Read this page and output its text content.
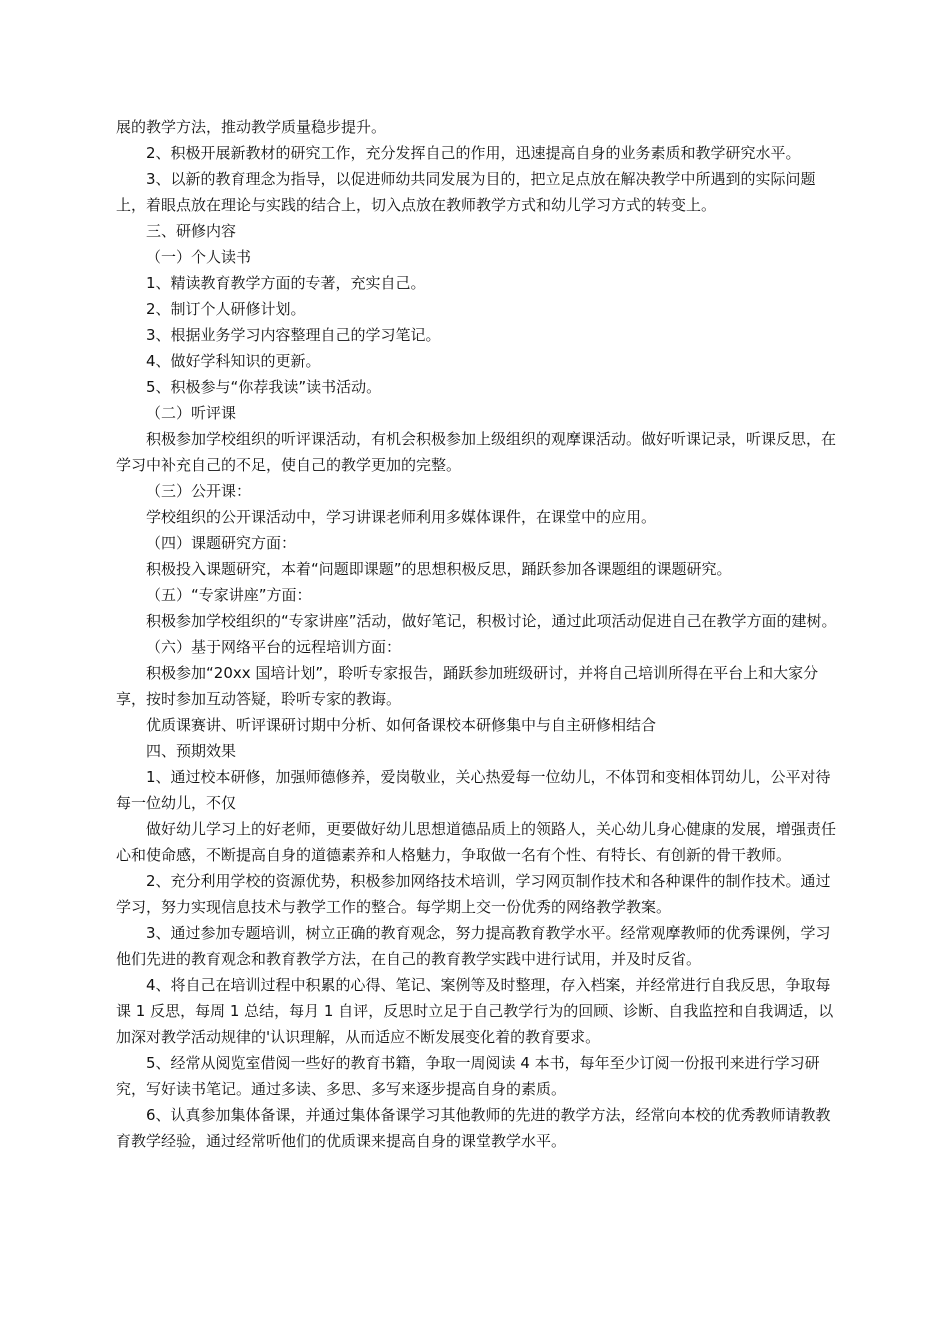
展的教学方法，推动教学质量稳步提升。

2、积极开展新教材的研究工作，充分发挥自己的作用，迅速提高自身的业务素质和教学研究水平。

3、以新的教育理念为指导，以促进师幼共同发展为目的，把立足点放在解决教学中所遇到的实际问题上，着眼点放在理论与实践的结合上，切入点放在教师教学方式和幼儿学习方式的转变上。

三、研修内容

（一）个人读书

1、精读教育教学方面的专著，充实自己。

2、制订个人研修计划。

3、根据业务学习内容整理自己的学习笔记。

4、做好学科知识的更新。

5、积极参与“你荐我读”读书活动。

（二）听评课

积极参加学校组织的听评课活动，有机会积极参加上级组织的观摩课活动。做好听课记录，听课反思，在学习中补充自己的不足，使自己的教学更加的完整。

（三）公开课：

学校组织的公开课活动中，学习讲课老师利用多媒体课件，在课堂中的应用。

（四）课题研究方面：

积极投入课题研究，本着“问题即课题”的思想积极反思，踊跃参加各课题组的课题研究。

（五）“专家讲座”方面：

积极参加学校组织的“专家讲座”活动，做好笔记，积极讨论，通过此项活动促进自己在教学方面的建树。

（六）基于网络平台的远程培训方面：

积极参加“20xx 国培计划”，聆听专家报告，踊跃参加班级研讨，并将自己培训所得在平台上和大家分享，按时参加互动答疑，聆听专家的教诲。

优质课赛讲、听评课研讨期中分析、如何备课校本研修集中与自主研修相结合

四、预期效果

1、通过校本研修，加强师德修养，爱岗敬业，关心热爱每一位幼儿，不体罚和变相体罚幼儿，公平对待每一位幼儿，不仅

做好幼儿学习上的好老师，更要做好幼儿思想道德品质上的领路人，关心幼儿身心健康的发展，增强责任心和使命感，不断提高自身的道德素养和人格魅力，争取做一名有个性、有特长、有创新的骨干教师。

2、充分利用学校的资源优势，积极参加网络技术培训，学习网页制作技术和各种课件的制作技术。通过学习，努力实现信息技术与教学工作的整合。每学期上交一份优秀的网络教学教案。

3、通过参加专题培训，树立正确的教育观念，努力提高教育教学水平。经常观摩教师的优秀课例，学习他们先进的教育观念和教育教学方法，在自己的教育教学实践中进行试用，并及时反省。

4、将自己在培训过程中积累的心得、笔记、案例等及时整理，存入档案，并经常进行自我反思，争取每课 1 反思，每周 1 总结，每月 1 自评，反思时立足于自己教学行为的回顾、诊断、自我监控和自我调适，以加深对教学活动规律的'认识理解，从而适应不断发展变化着的教育要求。

5、经常从阅览室借阅一些好的教育书籍，争取一周阅读 4 本书，每年至少订阅一份报刊来进行学习研究，写好读书笔记。通过多读、多思、多写来逐步提高自身的素质。

6、认真参加集体备课，并通过集体备课学习其他教师的先进的教学方法，经常向本校的优秀教师请教教育教学经验，通过经常听他们的优质课来提高自身的课堂教学水平。
